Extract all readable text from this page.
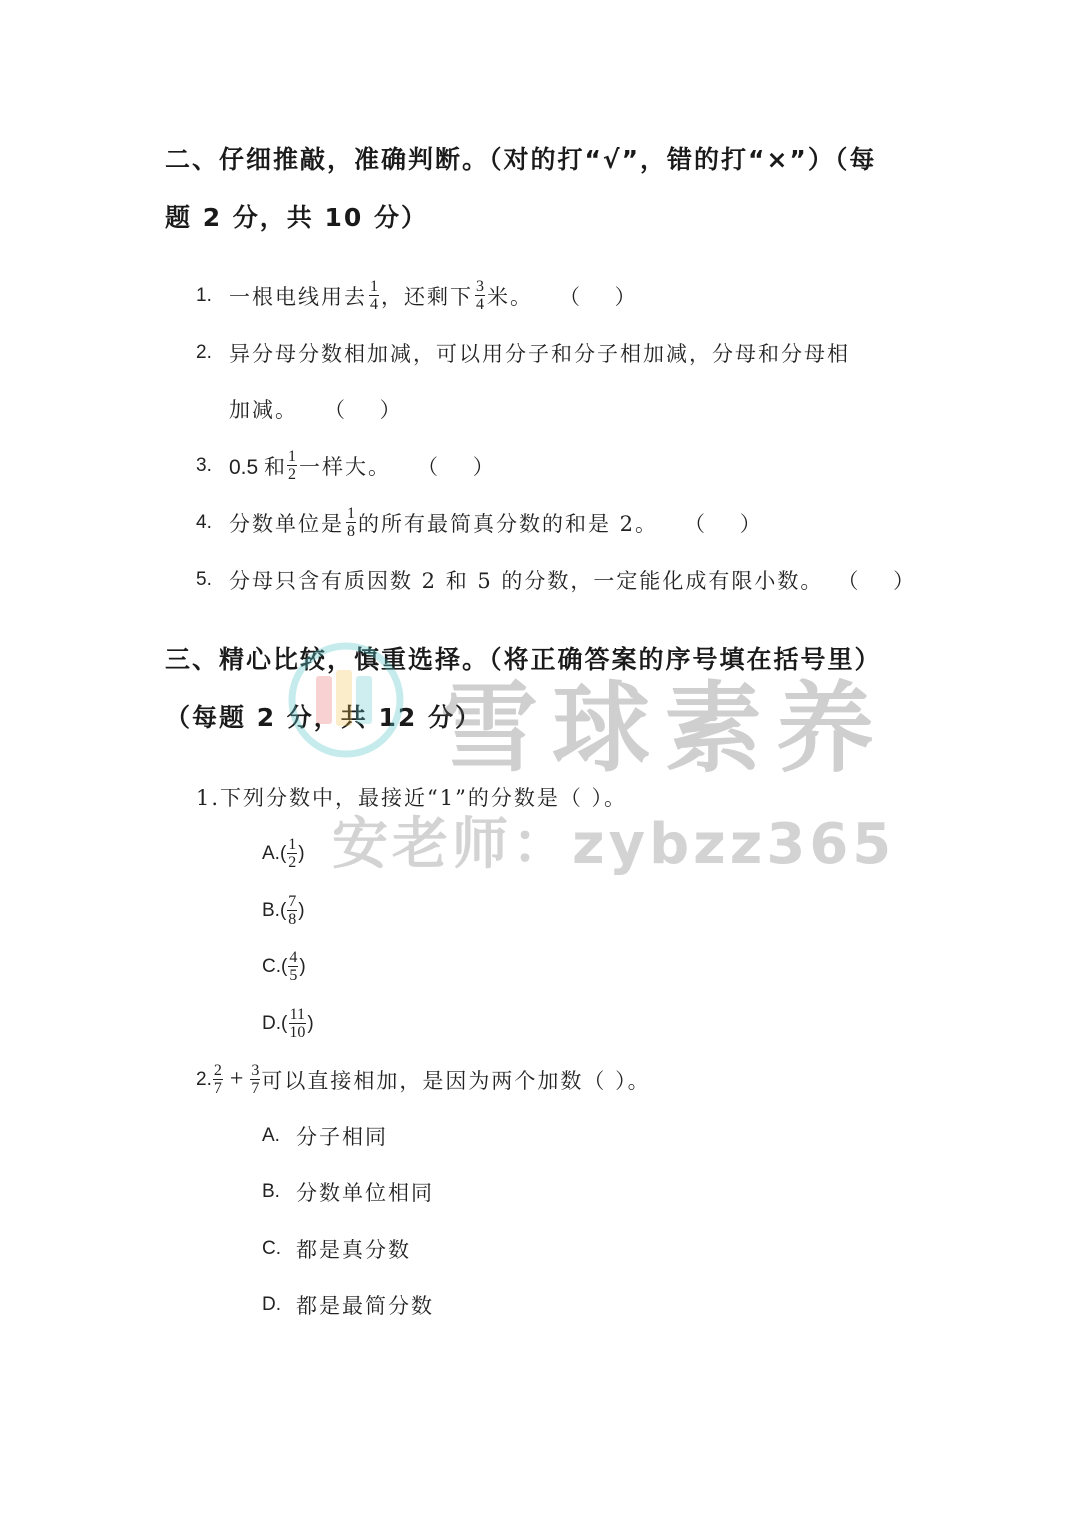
二、仔细推敲，准确判断。（对的打“√”，错的打“×”）（每
题 2 分，共 10 分）
1. 一根电线用去 $\frac{1}{4}$ ，还剩下 $\frac{3}{4}$ 米。 （ ）
2. 异分母分数相加减，可以用分子和分子相加减，分母和分母相
加减。 （ ）
3. 0.5 和 $\frac{1}{2}$ 一样大。 （ ）
4. 分数单位是 $\frac{1}{8}$ 的所有最简真分数的和是 2。 （ ）
5. 分母只含有质因数 2 和 5 的分数，一定能化成有限小数。 （ ）
三、精心比较，慎重选择。（将正确答案的序号填在括号里）
（每题 2 分，共 12 分）
1.下列分数中，最接近“1”的分数是（ ）。
$A.( \frac{1}{2}$ )
$B.( \frac{7}{8}$ )
$C.( \frac{4}{5}$ )
$D.( \frac{11}{10}$ )
2. $\frac{2}{7} + \frac{3}{7}$ 可以直接相加，是因为两个加数（ ）。
A. 分子相同
B. 分数单位相同
C. 都是真分数
D. 都是最简分数
雪球素养
安老师：zybzz365
